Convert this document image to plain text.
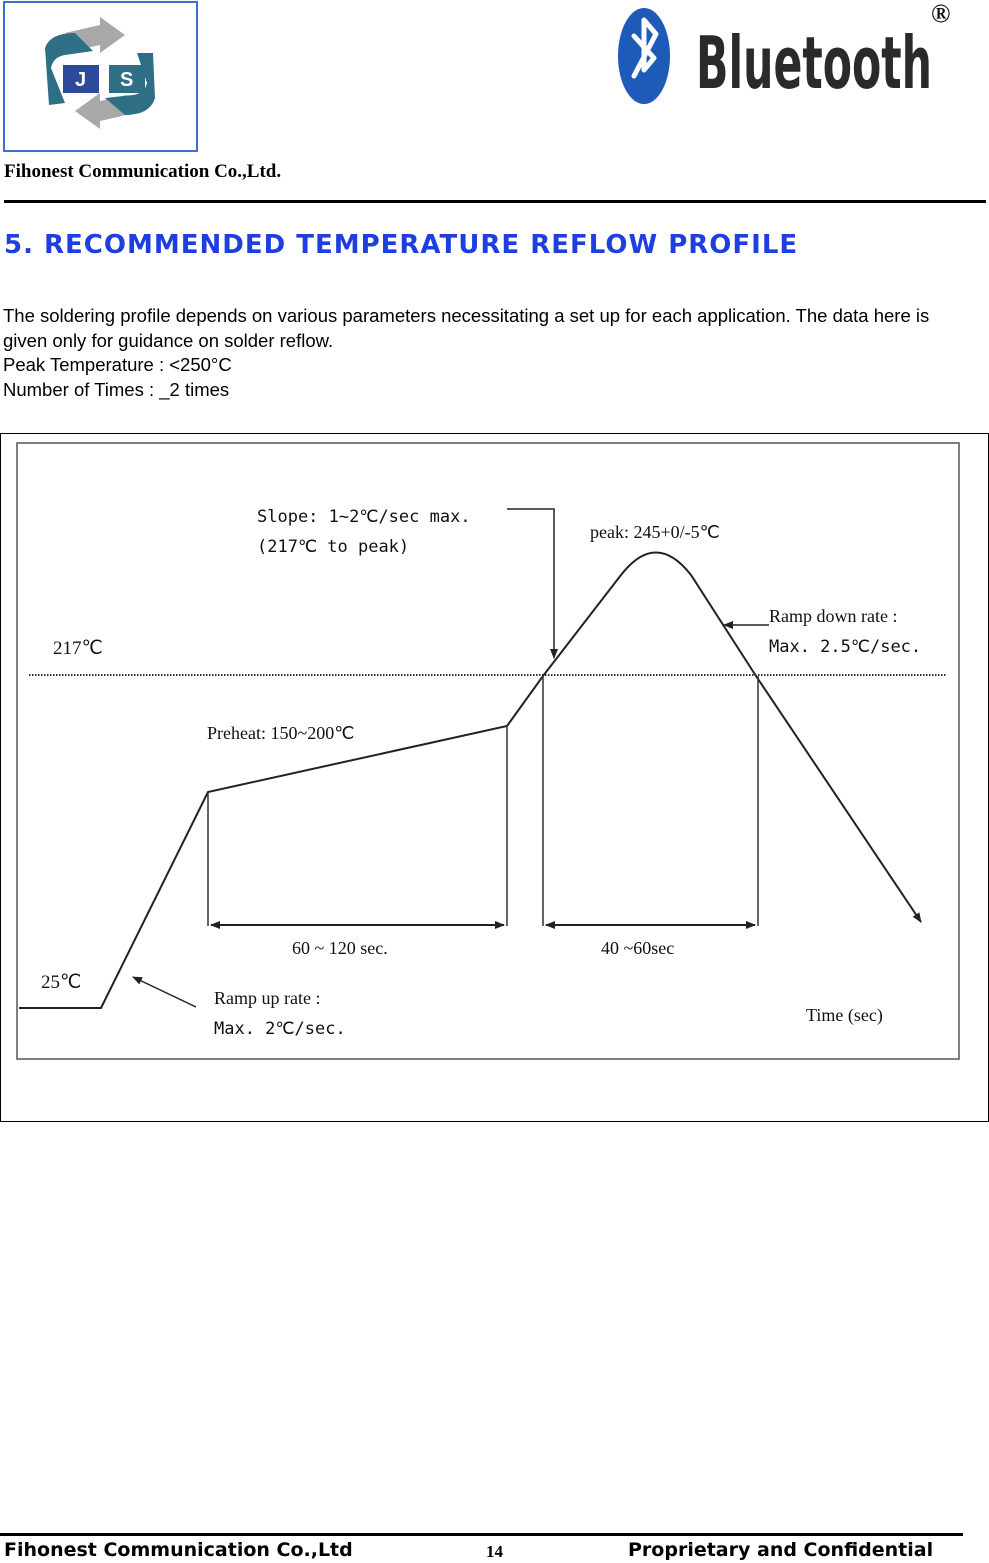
J S
Fihonest Communication Co.,Ltd.
Bluetooth
®
5. RECOMMENDED TEMPERATURE REFLOW PROFILE

The soldering profile depends on various parameters necessitating a set up for each application. The data here is given only for guidance on solder reflow.

Peak Temperature : <250°C

Number of Times : _2 times

Slope: 1~2℃/sec max.
(217℃ to peak)
peak: 245+0/-5℃
217℃
Ramp down rate :
Max. 2.5℃/sec.
Preheat: 150~200℃
60 ~ 120 sec.	40 ~60sec
25℃
Ramp up rate :
Max. 2℃/sec.
Time (sec)
Fihonest Communication Co.,Ltd	14	Proprietary and Confidential
